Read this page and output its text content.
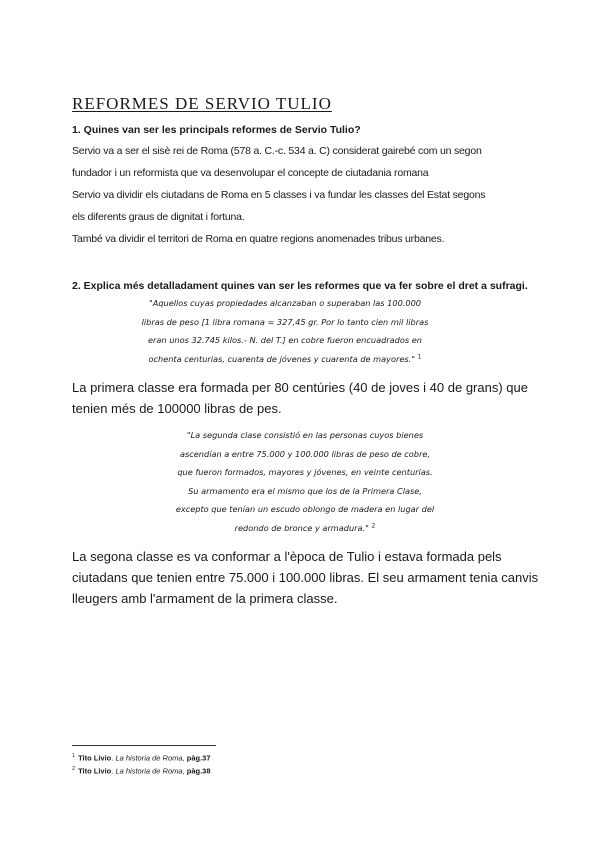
REFORMES DE SERVIO TULIO

1. Quines van ser les principals reformes de Servio Tulio?

Servio va a ser el sisè rei de Roma (578 a. C.-c. 534 a. C) considerat gairebé com un segon
fundador i un reformista que va desenvolupar el concepte de ciutadania romana
Servio va dividir els ciutadans de Roma en 5 classes i va fundar les classes del Estat segons
els diferents graus de dignitat i fortuna.
També va dividir el territori de Roma en quatre regions anomenades tribus urbanes.

2. Explica més detalladament quines van ser les reformes que va fer sobre el dret a sufragi.

"Aquellos cuyas propiedades alcanzaban o superaban las 100.000
libras de peso [1 libra romana = 327,45 gr. Por lo tanto cien mil libras
eran unos 32.745 kilos.- N. del T.] en cobre fueron encuadrados en
ochenta centurias, cuarenta de jóvenes y cuarenta de mayores." $^1$
La primera classe era formada per 80 centúries (40 de joves i 40 de grans) que
tenien més de 100000 libras de pes.
"La segunda clase consistió en las personas cuyos bienes
ascendían a entre 75.000 y 100.000 libras de peso de cobre,
que fueron formados, mayores y jóvenes, en veinte centurias.
Su armamento era el mismo que los de la Primera Clase,
excepto que tenían un escudo oblongo de madera en lugar del
redondo de bronce y armadura." $^2$
La segona classe es va conformar a l'època de Tulio i estava formada pels
ciutadans que tenien entre 75.000 i 100.000 libras. El seu armament tenia canvis
lleugers amb l'armament de la primera classe.

$^1$ Tito Livio. La historia de Roma, pàg.37

$^2$ Tito Livio. La historia de Roma, pàg.38
